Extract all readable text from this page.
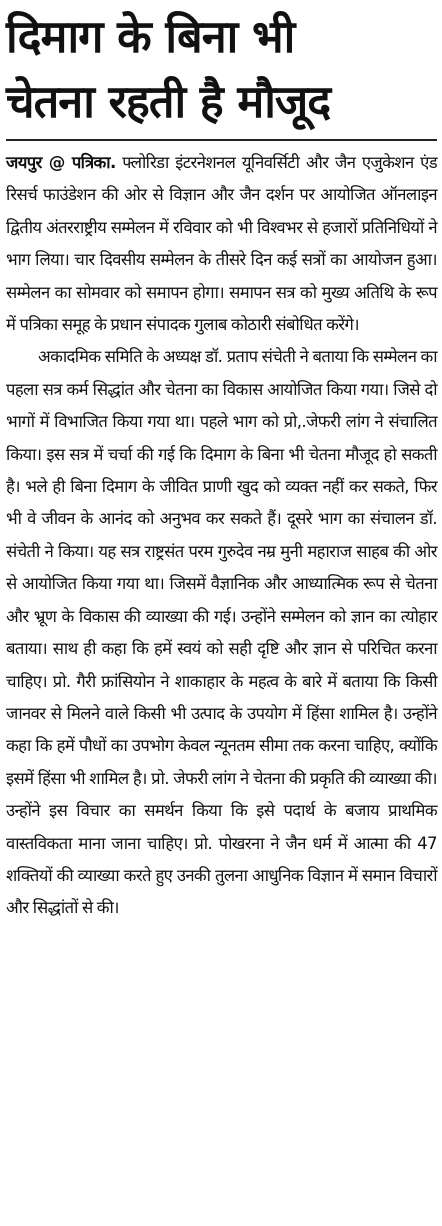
दिमाग के बिना भी
चेतना रहती है मौजूद

जयपुर @ पत्रिका. फ्लोरिडा इंटरनेशनल यूनिवर्सिटी और जैन एजुकेशन एंड रिसर्च फाउंडेशन की ओर से विज्ञान और जैन दर्शन पर आयोजित ऑनलाइन द्वितीय अंतरराष्ट्रीय सम्मेलन में रविवार को भी विश्वभर से हजारों प्रतिनिधियों ने भाग लिया। चार दिवसीय सम्मेलन के तीसरे दिन कई सत्रों का आयोजन हुआ। सम्मेलन का सोमवार को समापन होगा। समापन सत्र को मुख्य अतिथि के रूप में पत्रिका समूह के प्रधान संपादक गुलाब कोठारी संबोधित करेंगे।

अकादमिक समिति के अध्यक्ष डॉ. प्रताप संचेती ने बताया कि सम्मेलन का पहला सत्र कर्म सिद्धांत और चेतना का विकास आयोजित किया गया। जिसे दो भागों में विभाजित किया गया था। पहले भाग को प्रो,.जेफरी लांग ने संचालित किया। इस सत्र में चर्चा की गई कि दिमाग के बिना भी चेतना मौजूद हो सकती है। भले ही बिना दिमाग के जीवित प्राणी खुद को व्यक्त नहीं कर सकते, फिर भी वे जीवन के आनंद को अनुभव कर सकते हैं। दूसरे भाग का संचालन डॉ. संचेती ने किया। यह सत्र राष्ट्रसंत परम गुरुदेव नम्र मुनी महाराज साहब की ओर से आयोजित किया गया था। जिसमें वैज्ञानिक और आध्यात्मिक रूप से चेतना और भ्रूण के विकास की व्याख्या की गई। उन्होंने सम्मेलन को ज्ञान का त्योहार बताया। साथ ही कहा कि हमें स्वयं को सही दृष्टि और ज्ञान से परिचित करना चाहिए। प्रो. गैरी फ्रांसियोन ने शाकाहार के महत्व के बारे में बताया कि किसी जानवर से मिलने वाले किसी भी उत्पाद के उपयोग में हिंसा शामिल है। उन्होंने कहा कि हमें पौधों का उपभोग केवल न्यूनतम सीमा तक करना चाहिए, क्योंकि इसमें हिंसा भी शामिल है। प्रो. जेफरी लांग ने चेतना की प्रकृति की व्याख्या की। उन्होंने इस विचार का समर्थन किया कि इसे पदार्थ के बजाय प्राथमिक वास्तविकता माना जाना चाहिए। प्रो. पोखरना ने जैन धर्म में आत्मा की 47 शक्तियों की व्याख्या करते हुए उनकी तुलना आधुनिक विज्ञान में समान विचारों और सिद्धांतों से की।
